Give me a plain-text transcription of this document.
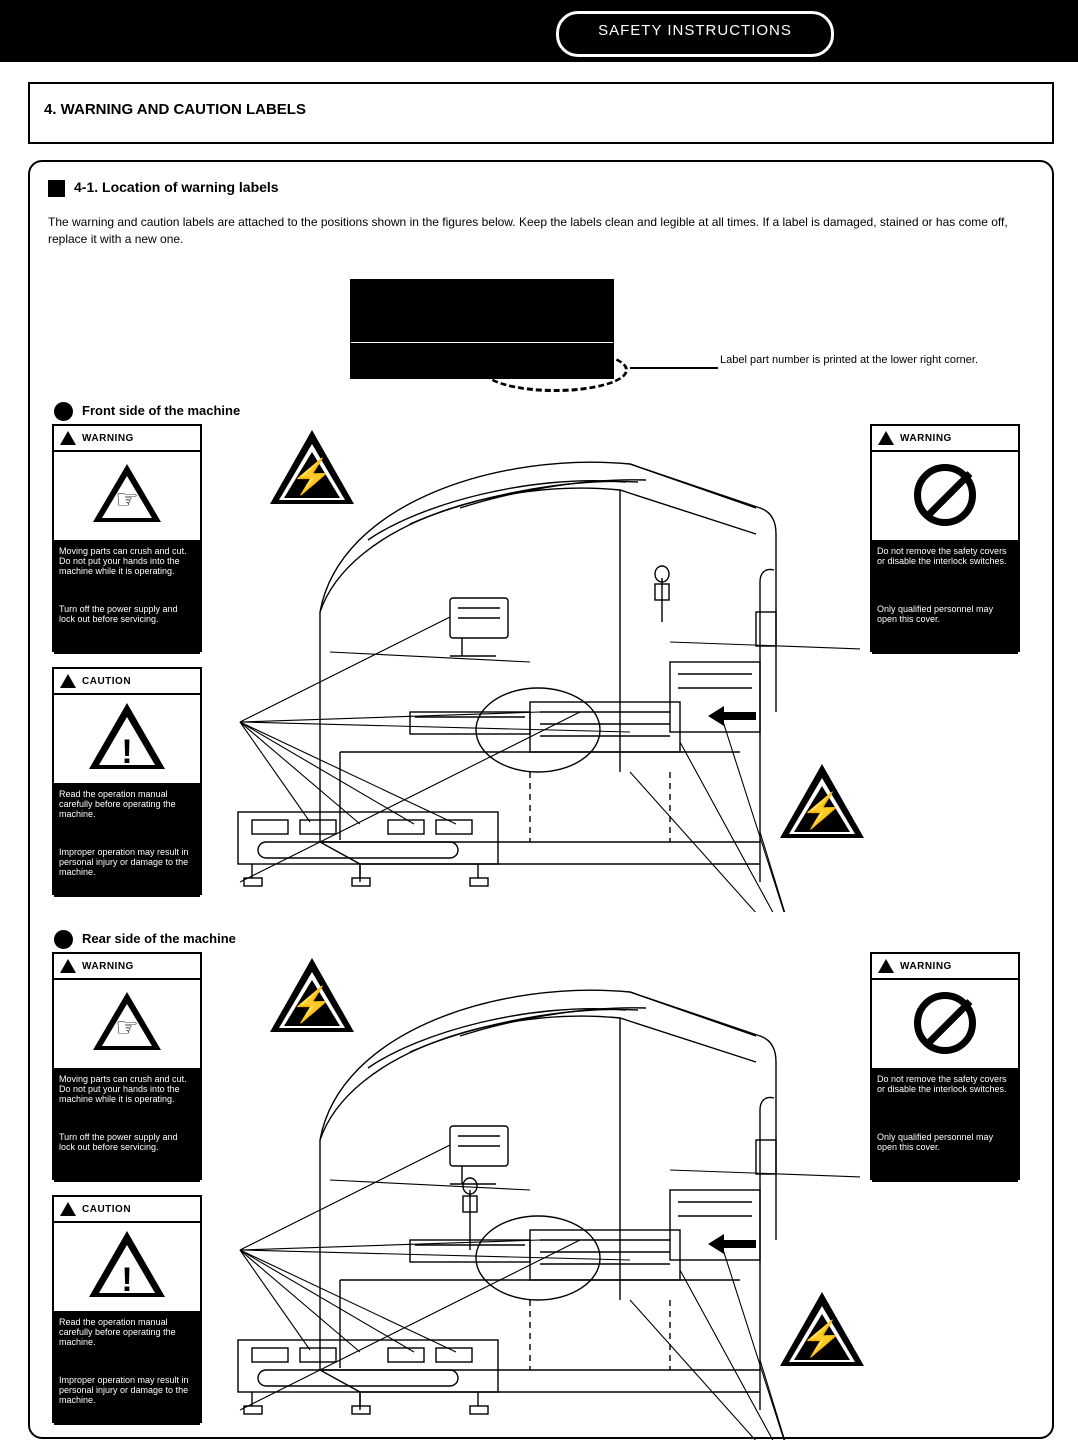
SAFETY INSTRUCTIONS
4. WARNING AND CAUTION LABELS
4-1. Location of warning labels
The warning and caution labels are attached to the positions shown in the figures below. Keep the labels clean and legible at all times. If a label is damaged, stained or has come off, replace it with a new one.
Label part number is printed at the lower right corner.
Front side of the machine
WARNING
☞
Moving parts can crush and cut. Do not put your hands into the machine while it is operating.
Turn off the power supply and lock out before servicing.
CAUTION
!
Read the operation manual carefully before operating the machine.
Improper operation may result in personal injury or damage to the machine.
WARNING
Do not remove the safety covers or disable the interlock switches.
Only qualified personnel may open this cover.
⚡
⚡
Rear side of the machine
WARNING
☞
Moving parts can crush and cut. Do not put your hands into the machine while it is operating.
Turn off the power supply and lock out before servicing.
CAUTION
!
Read the operation manual carefully before operating the machine.
Improper operation may result in personal injury or damage to the machine.
WARNING
Do not remove the safety covers or disable the interlock switches.
Only qualified personnel may open this cover.
⚡
⚡
